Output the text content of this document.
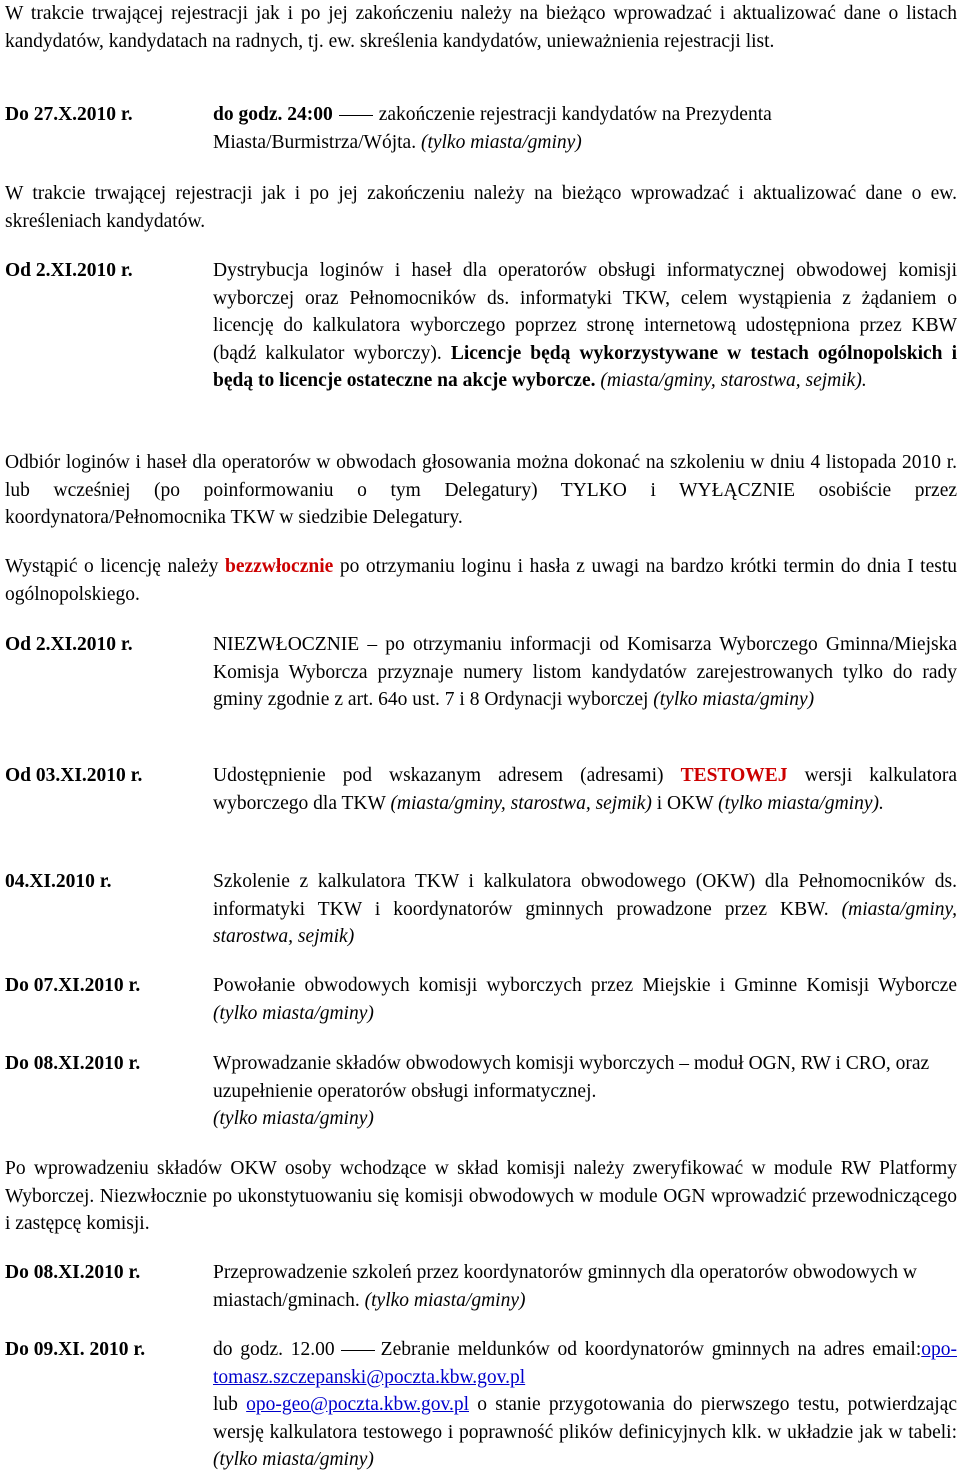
W trakcie trwającej rejestracji jak i po jej zakończeniu należy na bieżąco wprowadzać i aktualizować dane o listach kandydatów, kandydatach na radnych, tj. ew. skreślenia kandydatów, unieważnienia rejestracji list.
Do 27.X.2010 r.	do godz. 24:00 zakończenie rejestracji kandydatów na Prezydenta Miasta/Burmistrza/Wójta. (tylko miasta/gminy)
W trakcie trwającej rejestracji jak i po jej zakończeniu należy na bieżąco wprowadzać i aktualizować dane o ew. skreśleniach kandydatów.
Od 2.XI.2010 r.	Dystrybucja loginów i haseł dla operatorów obsługi informatycznej obwodowej komisji wyborczej oraz Pełnomocników ds. informatyki TKW, celem wystąpienia z żądaniem o licencję do kalkulatora wyborczego poprzez stronę internetową udostępniona przez KBW (bądź kalkulator wyborczy). Licencje będą wykorzystywane w testach ogólnopolskich i będą to licencje ostateczne na akcje wyborcze. (miasta/gminy, starostwa, sejmik).
Odbiór loginów i haseł dla operatorów w obwodach głosowania można dokonać na szkoleniu w dniu 4 listopada 2010 r. lub wcześniej (po poinformowaniu o tym Delegatury) TYLKO i WYŁĄCZNIE osobiście przez koordynatora/Pełnomocnika TKW w siedzibie Delegatury.
Wystąpić o licencję należy bezzwłocznie po otrzymaniu loginu i hasła z uwagi na bardzo krótki termin do dnia I testu ogólnopolskiego.
Od 2.XI.2010 r.	NIEZWŁOCZNIE – po otrzymaniu informacji od Komisarza Wyborczego Gminna/Miejska Komisja Wyborcza przyznaje numery listom kandydatów zarejestrowanych tylko do rady gminy zgodnie z art. 64o ust. 7 i 8 Ordynacji wyborczej (tylko miasta/gminy)
Od 03.XI.2010 r.	Udostępnienie pod wskazanym adresem (adresami) TESTOWEJ wersji kalkulatora wyborczego dla TKW (miasta/gminy, starostwa, sejmik) i OKW (tylko miasta/gminy).
04.XI.2010 r.	Szkolenie z kalkulatora TKW i kalkulatora obwodowego (OKW) dla Pełnomocników ds. informatyki TKW i koordynatorów gminnych prowadzone przez KBW. (miasta/gminy, starostwa, sejmik)
Do 07.XI.2010 r.	Powołanie obwodowych komisji wyborczych przez Miejskie i Gminne Komisji Wyborcze (tylko miasta/gminy)
Do 08.XI.2010 r.	Wprowadzanie składów obwodowych komisji wyborczych – moduł OGN, RW i CRO, oraz uzupełnienie operatorów obsługi informatycznej.
(tylko miasta/gminy)
Po wprowadzeniu składów OKW osoby wchodzące w skład komisji należy zweryfikować w module RW Platformy Wyborczej. Niezwłocznie po ukonstytuowaniu się komisji obwodowych w module OGN wprowadzić przewodniczącego i zastępcę komisji.
Do 08.XI.2010 r.	Przeprowadzenie szkoleń przez koordynatorów gminnych dla operatorów obwodowych w miastach/gminach. (tylko miasta/gminy)
Do 09.XI. 2010 r.	do godz. 12.00 Zebranie meldunków od koordynatorów gminnych na adres email:opo-tomasz.szczepanski@poczta.kbw.gov.pl
lub opo-geo@poczta.kbw.gov.pl o stanie przygotowania do pierwszego testu, potwierdzając wersję kalkulatora testowego i poprawność plików definicyjnych klk. w układzie jak w tabeli: (tylko miasta/gminy)
